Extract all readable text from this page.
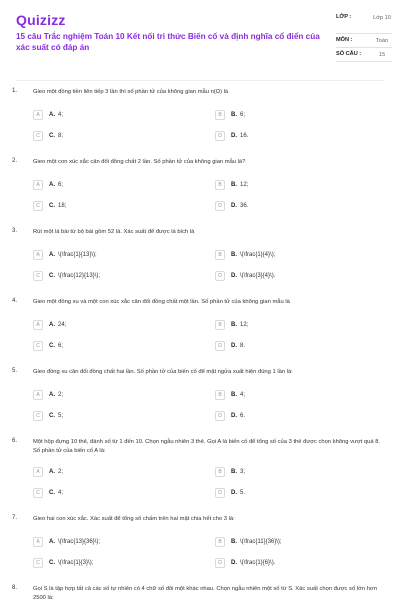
Quizizz
15 câu Trắc nghiệm Toán 10 Kết nối tri thức Biến cố và định nghĩa cổ điển của xác suất có đáp án
LỚP :	Lớp 10
MÔN :	Toán
SỐ CÂU :	15
1.	Gieo một đồng tiền liên tiếp 3 lần thì số phần tử của không gian mẫu n(Ω) là
A	A. 4;	B	B. 6;
C	C. 8;	D	D. 16.
2.	Gieo một con xúc xắc cân đối đồng chất 2 lần. Số phần tử của không gian mẫu là?
A	A. 6;	B	B. 12;
C	C. 18;	D	D. 36.
3.	Rút một lá bài từ bộ bài gồm 52 lá. Xác suất để được lá bích là
A	A. \(\frac{1}{13}\);	B	B. \(\frac{1}{4}\);
C	C. \(\frac{12}{13}\);	D	D. \(\frac{3}{4}\).
4.	Gieo một đồng xu và một con xúc xắc cân đối đồng chất một lần. Số phần tử của không gian mẫu là
A	A. 24;	B	B. 12;
C	C. 6;	D	D. 8.
5.	Gieo đồng xu cân đối đồng chất hai lần. Số phần tử của biến cố để mặt ngửa xuất hiện đúng 1 lần là:
A	A. 2;	B	B. 4;
C	C. 5;	D	D. 6.
6.	Một hộp đựng 10 thẻ, đánh số từ 1 đến 10. Chọn ngẫu nhiên 3 thẻ. Gọi A là biến cố để tổng số của 3 thẻ được chọn không vượt quá 8. Số phần tử của biến cố A là:
A	A. 2;	B	B. 3;
C	C. 4;	D	D. 5.
7.	Gieo hai con xúc xắc. Xác suất để tổng số chấm trên hai mặt chia hết cho 3 là:
A	A. \(\frac{13}{36}\);	B	B. \(\frac{11}{36}\);
C	C. \(\frac{1}{3}\);	D	D. \(\frac{1}{6}\).
8.	Gọi S là tập hợp tất cả các số tự nhiên có 4 chữ số đôi một khác nhau. Chọn ngẫu nhiên một số từ S. Xác suất chọn được số lớn hơn 2500 là:
